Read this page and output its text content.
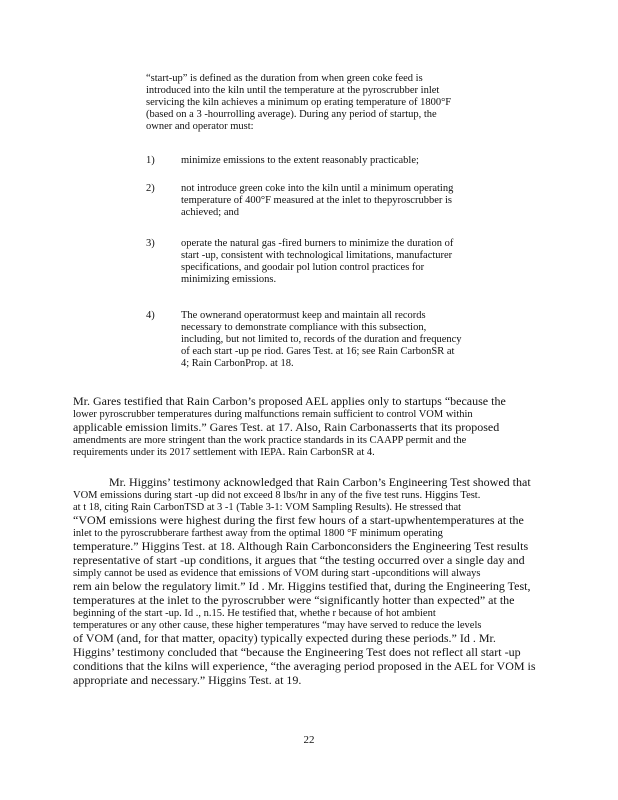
“start-up” is defined as the duration from when green coke feed is
introduced into the kiln until the temperature at the pyroscrubber inlet
servicing the kiln achieves a minimum op erating temperature of 1800°F
(based on a 3 -hourrolling average). During any period of startup, the
owner and operator must:
1)	minimize emissions to the extent reasonably practicable;
2)	not introduce green coke into the kiln until a minimum operating
temperature of 400°F measured at the inlet to thepyroscrubber is
achieved; and
3)	operate the natural gas -fired burners to minimize the duration of
start -up, consistent with technological limitations, manufacturer
specifications, and goodair pol lution control practices for
minimizing emissions.
4)	The ownerand operatormust keep and maintain all records
necessary to demonstrate compliance with this subsection,
including, but not limited to, records of the duration and frequency
of each start -up pe riod. Gares Test. at 16; see Rain CarbonSR at
4; Rain CarbonProp. at 18.
Mr. Gares testified that Rain Carbon’s proposed AEL applies only to startups “because the
lower pyroscrubber temperatures during malfunctions remain sufficient to control VOM within
applicable emission limits.” Gares Test. at 17. Also, Rain Carbonasserts that its proposed
amendments are more stringent than the work practice standards in its CAAPP permit and the
requirements under its 2017 settlement with IEPA. Rain CarbonSR at 4.
Mr. Higgins’ testimony acknowledged that Rain Carbon’s Engineering Test showed that
VOM emissions during start -up did not exceed 8 lbs/hr in any of the five test runs. Higgins Test.
at t 18, citing Rain CarbonTSD at 3 -1 (Table 3-1: VOM Sampling Results). He stressed that
“VOM emissions were highest during the first few hours of a start-upwhentemperatures at the
inlet to the pyroscrubberare farthest away from the optimal 1800 °F minimum operating
temperature.” Higgins Test. at 18. Although Rain Carbonconsiders the Engineering Test results
representative of start -up conditions, it argues that “the testing occurred over a single day and
simply cannot be used as evidence that emissions of VOM during start -upconditions will always
rem ain below the regulatory limit.” Id . Mr. Higgins testified that, during the Engineering Test,
temperatures at the inlet to the pyroscrubber were “significantly hotter than expected” at the
beginning of the start -up. Id ., n.15. He testified that, whethe r because of hot ambient
temperatures or any other cause, these higher temperatures “may have served to reduce the levels
of VOM (and, for that matter, opacity) typically expected during these periods.” Id . Mr.
Higgins’ testimony concluded that “because the Engineering Test does not reflect all start -up
conditions that the kilns will experience, “the averaging period proposed in the AEL for VOM is
appropriate and necessary.” Higgins Test. at 19.
22
